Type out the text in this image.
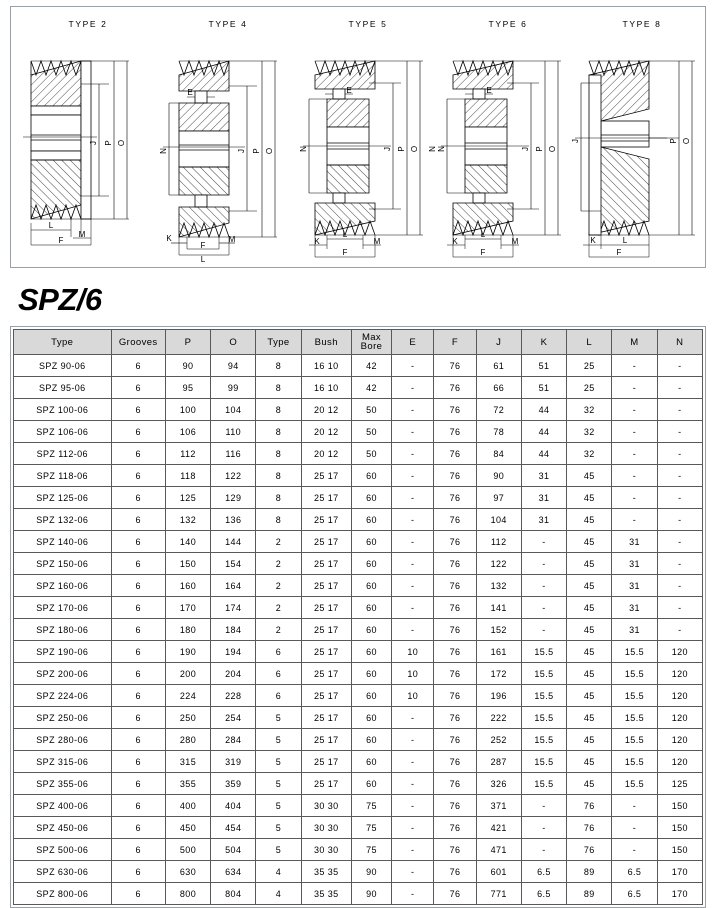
TYPE 2
J P O
L
M
F
TYPE 4
E
N	J P O
K	M
F
L
TYPE 5
E
N	J P O N
K
L
M
F
TYPE 6
E
N	J P O
K
L
M
F
TYPE 8
J	P O
K	L
F
SPZ/6
Type	Grooves	P	O	Type	Bush	Max
Bore	E	F	J	K	L	M	N
SPZ 90-06	6	90	94	8	16 10	42	-	76	61	51	25	-	-
SPZ 95-06	6	95	99	8	16 10	42	-	76	66	51	25	-	-
SPZ 100-06	6	100	104	8	20 12	50	-	76	72	44	32	-	-
SPZ 106-06	6	106	110	8	20 12	50	-	76	78	44	32	-	-
SPZ 112-06	6	112	116	8	20 12	50	-	76	84	44	32	-	-
SPZ 118-06	6	118	122	8	25 17	60	-	76	90	31	45	-	-
SPZ 125-06	6	125	129	8	25 17	60	-	76	97	31	45	-	-
SPZ 132-06	6	132	136	8	25 17	60	-	76	104	31	45	-	-
SPZ 140-06	6	140	144	2	25 17	60	-	76	112	-	45	31	-
SPZ 150-06	6	150	154	2	25 17	60	-	76	122	-	45	31	-
SPZ 160-06	6	160	164	2	25 17	60	-	76	132	-	45	31	-
SPZ 170-06	6	170	174	2	25 17	60	-	76	141	-	45	31	-
SPZ 180-06	6	180	184	2	25 17	60	-	76	152	-	45	31	-
SPZ 190-06	6	190	194	6	25 17	60	10	76	161	15.5	45	15.5	120
SPZ 200-06	6	200	204	6	25 17	60	10	76	172	15.5	45	15.5	120
SPZ 224-06	6	224	228	6	25 17	60	10	76	196	15.5	45	15.5	120
SPZ 250-06	6	250	254	5	25 17	60	-	76	222	15.5	45	15.5	120
SPZ 280-06	6	280	284	5	25 17	60	-	76	252	15.5	45	15.5	120
SPZ 315-06	6	315	319	5	25 17	60	-	76	287	15.5	45	15.5	120
SPZ 355-06	6	355	359	5	25 17	60	-	76	326	15.5	45	15.5	125
SPZ 400-06	6	400	404	5	30 30	75	-	76	371	-	76	-	150
SPZ 450-06	6	450	454	5	30 30	75	-	76	421	-	76	-	150
SPZ 500-06	6	500	504	5	30 30	75	-	76	471	-	76	-	150
SPZ 630-06	6	630	634	4	35 35	90	-	76	601	6.5	89	6.5	170
SPZ 800-06	6	800	804	4	35 35	90	-	76	771	6.5	89	6.5	170
